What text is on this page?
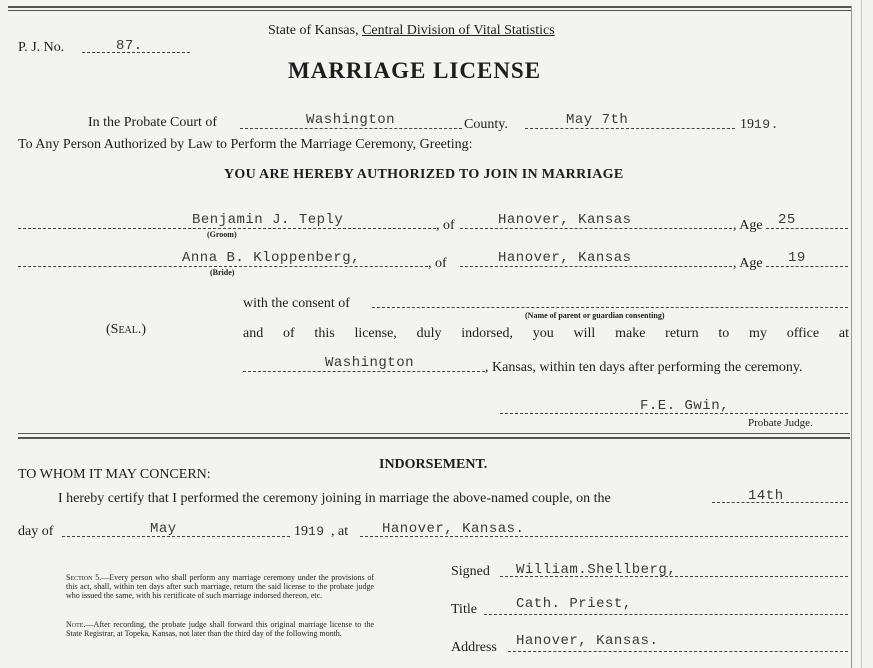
State of Kansas, Central Division of Vital Statistics
P. J. No.	87.
MARRIAGE LICENSE
In the Probate Court of	Washington	County.	May 7th	1919.
To Any Person Authorized by Law to Perform the Marriage Ceremony, Greeting:
YOU ARE HEREBY AUTHORIZED TO JOIN IN MARRIAGE
Benjamin J. Teply
(Groom)
, of	Hanover, Kansas	, Age 25
Anna B. Kloppenberg,
(Bride)
, of	Hanover, Kansas	, Age 19
with the consent of
(Name of parent or guardian consenting)
(Seal.)	and of this license, duly indorsed, you will make return to my office at
Washington	, Kansas, within ten days after performing the ceremony.
F.E. Gwin,
Probate Judge.
INDORSEMENT.
TO WHOM IT MAY CONCERN:
I hereby certify that I performed the ceremony joining in marriage the above-named couple, on the	14th
day of	May	1919 , at Hanover, Kansas.
Section 5.—Every person who shall perform any marriage ceremony under the provisions of this act, shall, within ten days after such marriage, return the said license to the probate judge who issued the same, with his certificate of such marriage indorsed thereon, etc.
Note.—After recording, the probate judge shall forward this original marriage license to the State Registrar, at Topeka, Kansas, not later than the third day of the following month.
Signed William.Shellberg,
Title	Cath. Priest,
Address Hanover, Kansas.
